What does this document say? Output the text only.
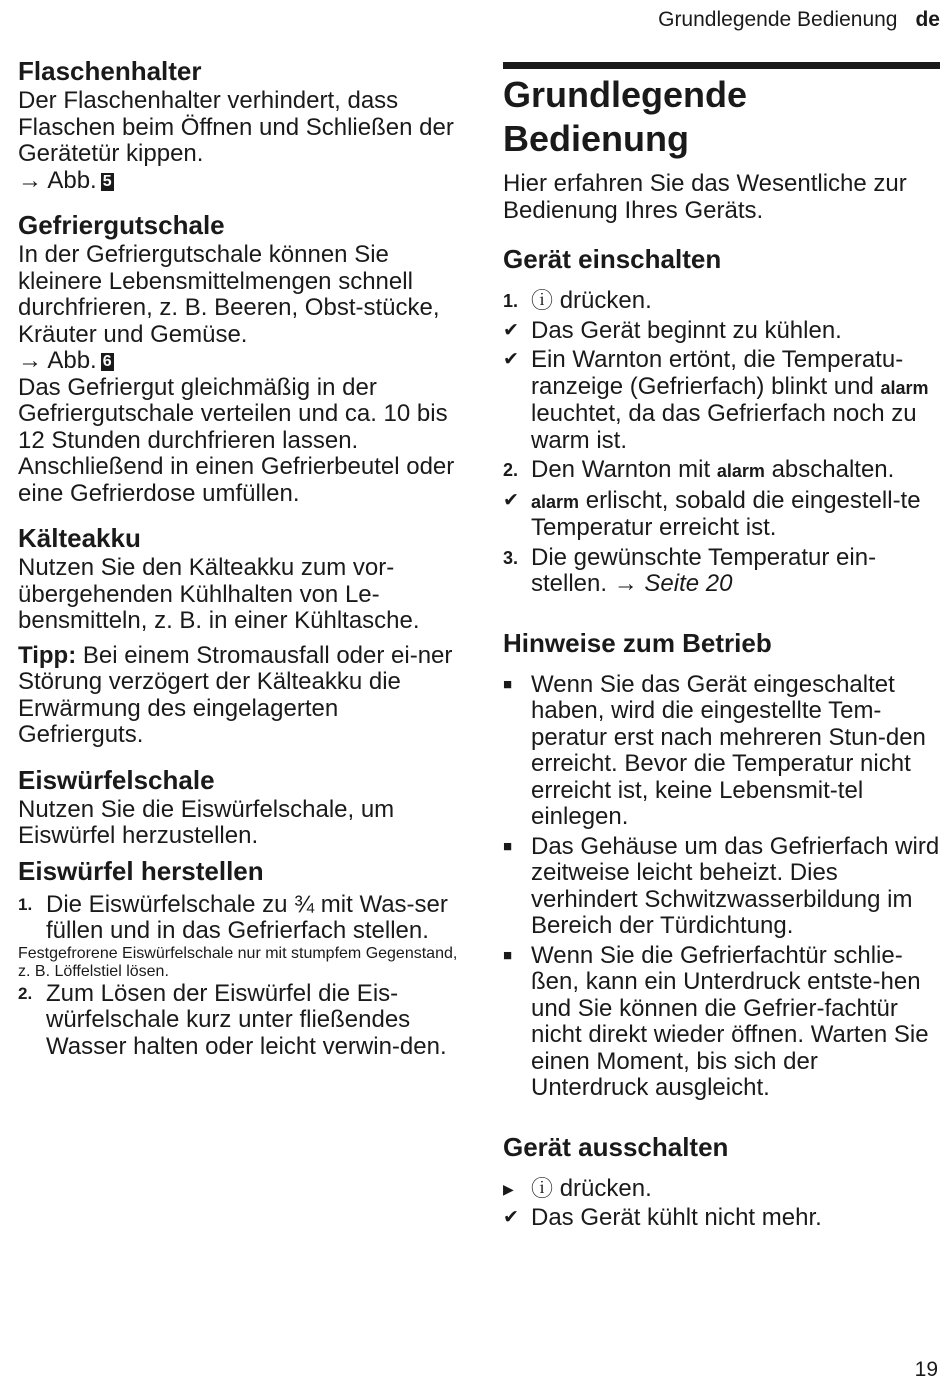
Grundlegende Bedienung de
Flaschenhalter

Der Flaschenhalter verhindert, dass Flaschen beim Öffnen und Schließen der Gerätetür kippen.

→ Abb. 5

Gefriergutschale

In der Gefriergutschale können Sie kleinere Lebensmittelmengen schnell durchfrieren, z. B. Beeren, Obst-stücke, Kräuter und Gemüse.

→ Abb. 6

Das Gefriergut gleichmäßig in der Gefriergutschale verteilen und ca. 10 bis 12 Stunden durchfrieren lassen. Anschließend in einen Gefrierbeutel oder eine Gefrierdose umfüllen.

Kälteakku

Nutzen Sie den Kälteakku zum vor-übergehenden Kühlhalten von Le-bensmitteln, z. B. in einer Kühltasche.

Tipp: Bei einem Stromausfall oder ei-ner Störung verzögert der Kälteakku die Erwärmung des eingelagerten Gefrierguts.

Eiswürfelschale

Nutzen Sie die Eiswürfelschale, um Eiswürfel herzustellen.

Eiswürfel herstellen
1. Die Eiswürfelschale zu ¾ mit Was-ser füllen und in das Gefrierfach stellen.

Festgefrorene Eiswürfelschale nur mit stumpfem Gegenstand, z. B. Löffelstiel lösen.

2. Zum Lösen der Eiswürfel die Eis-würfelschale kurz unter fließendes Wasser halten oder leicht verwin-den.
Grundlegende Bedienung

Hier erfahren Sie das Wesentliche zur Bedienung Ihres Geräts.

Gerät einschalten
1. ⓘ drücken.
✔ Das Gerät beginnt zu kühlen.
✔ Ein Warnton ertönt, die Temperatu-ranzeige (Gefrierfach) blinkt und alarm leuchtet, da das Gefrierfach noch zu warm ist.
2. Den Warnton mit alarm abschalten.
✔ alarm erlischt, sobald die eingestell-te Temperatur erreicht ist.
3. Die gewünschte Temperatur ein-stellen. → Seite 20
Hinweise zum Betrieb
■ Wenn Sie das Gerät eingeschaltet haben, wird die eingestellte Tem-peratur erst nach mehreren Stun-den erreicht. Bevor die Temperatur nicht erreicht ist, keine Lebensmit-tel einlegen.
■ Das Gehäuse um das Gefrierfach wird zeitweise leicht beheizt. Dies verhindert Schwitzwasserbildung im Bereich der Türdichtung.
■ Wenn Sie die Gefrierfachtür schlie-ßen, kann ein Unterdruck entste-hen und Sie können die Gefrier-fachtür nicht direkt wieder öffnen. Warten Sie einen Moment, bis sich der Unterdruck ausgleicht.
Gerät ausschalten
▶ ⓘ drücken.
✔ Das Gerät kühlt nicht mehr.
19
